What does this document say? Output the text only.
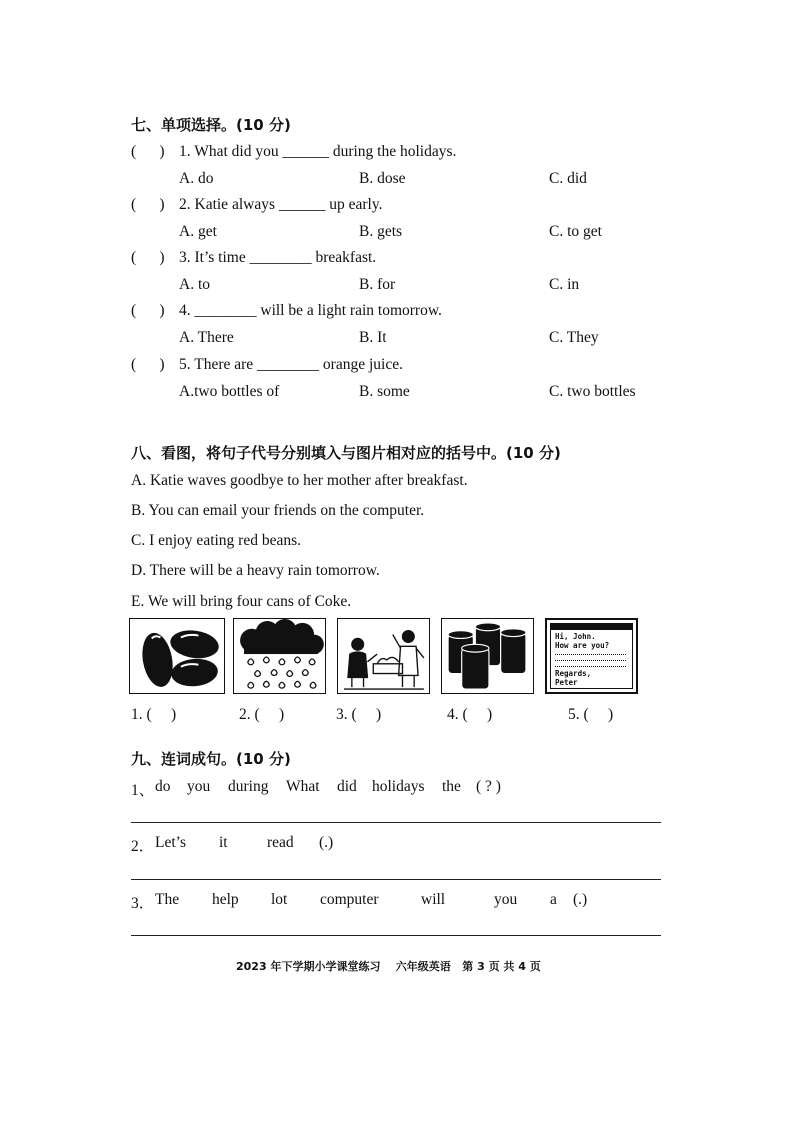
七、单项选择。(10 分)
(      ) 1. What did you ______ during the holidays.
A. do	B. dose	C. did
(      ) 2. Katie always ______ up early.
A. get	B. gets	C. to get
(      ) 3. It’s time ________ breakfast.
A. to	B. for	C. in
(      ) 4. ________ will be a light rain tomorrow.
A. There	B. It	C. They
(      ) 5. There are ________ orange juice.
A.two bottles of	B. some	C. two bottles
八、看图，将句子代号分别填入与图片相对应的括号中。(10 分)
A. Katie waves goodbye to her mother after breakfast.
B. You can email your friends on the computer.
C. I enjoy eating red beans.
D. There will be a heavy rain tomorrow.
E. We will bring four cans of Coke.
Hi, John.
How are you?
Regards,
Peter
1. (     )	2. (     )	3. (     )	4. (     )	5. (     )
九、连词成句。(10 分)
1、 do you during What did holidays the ( ? )
2． Let’s it	read (.)
3． The help lot computer	will	you a (.)
2023 年下学期小学课堂练习    六年级英语   第 3 页 共 4 页
